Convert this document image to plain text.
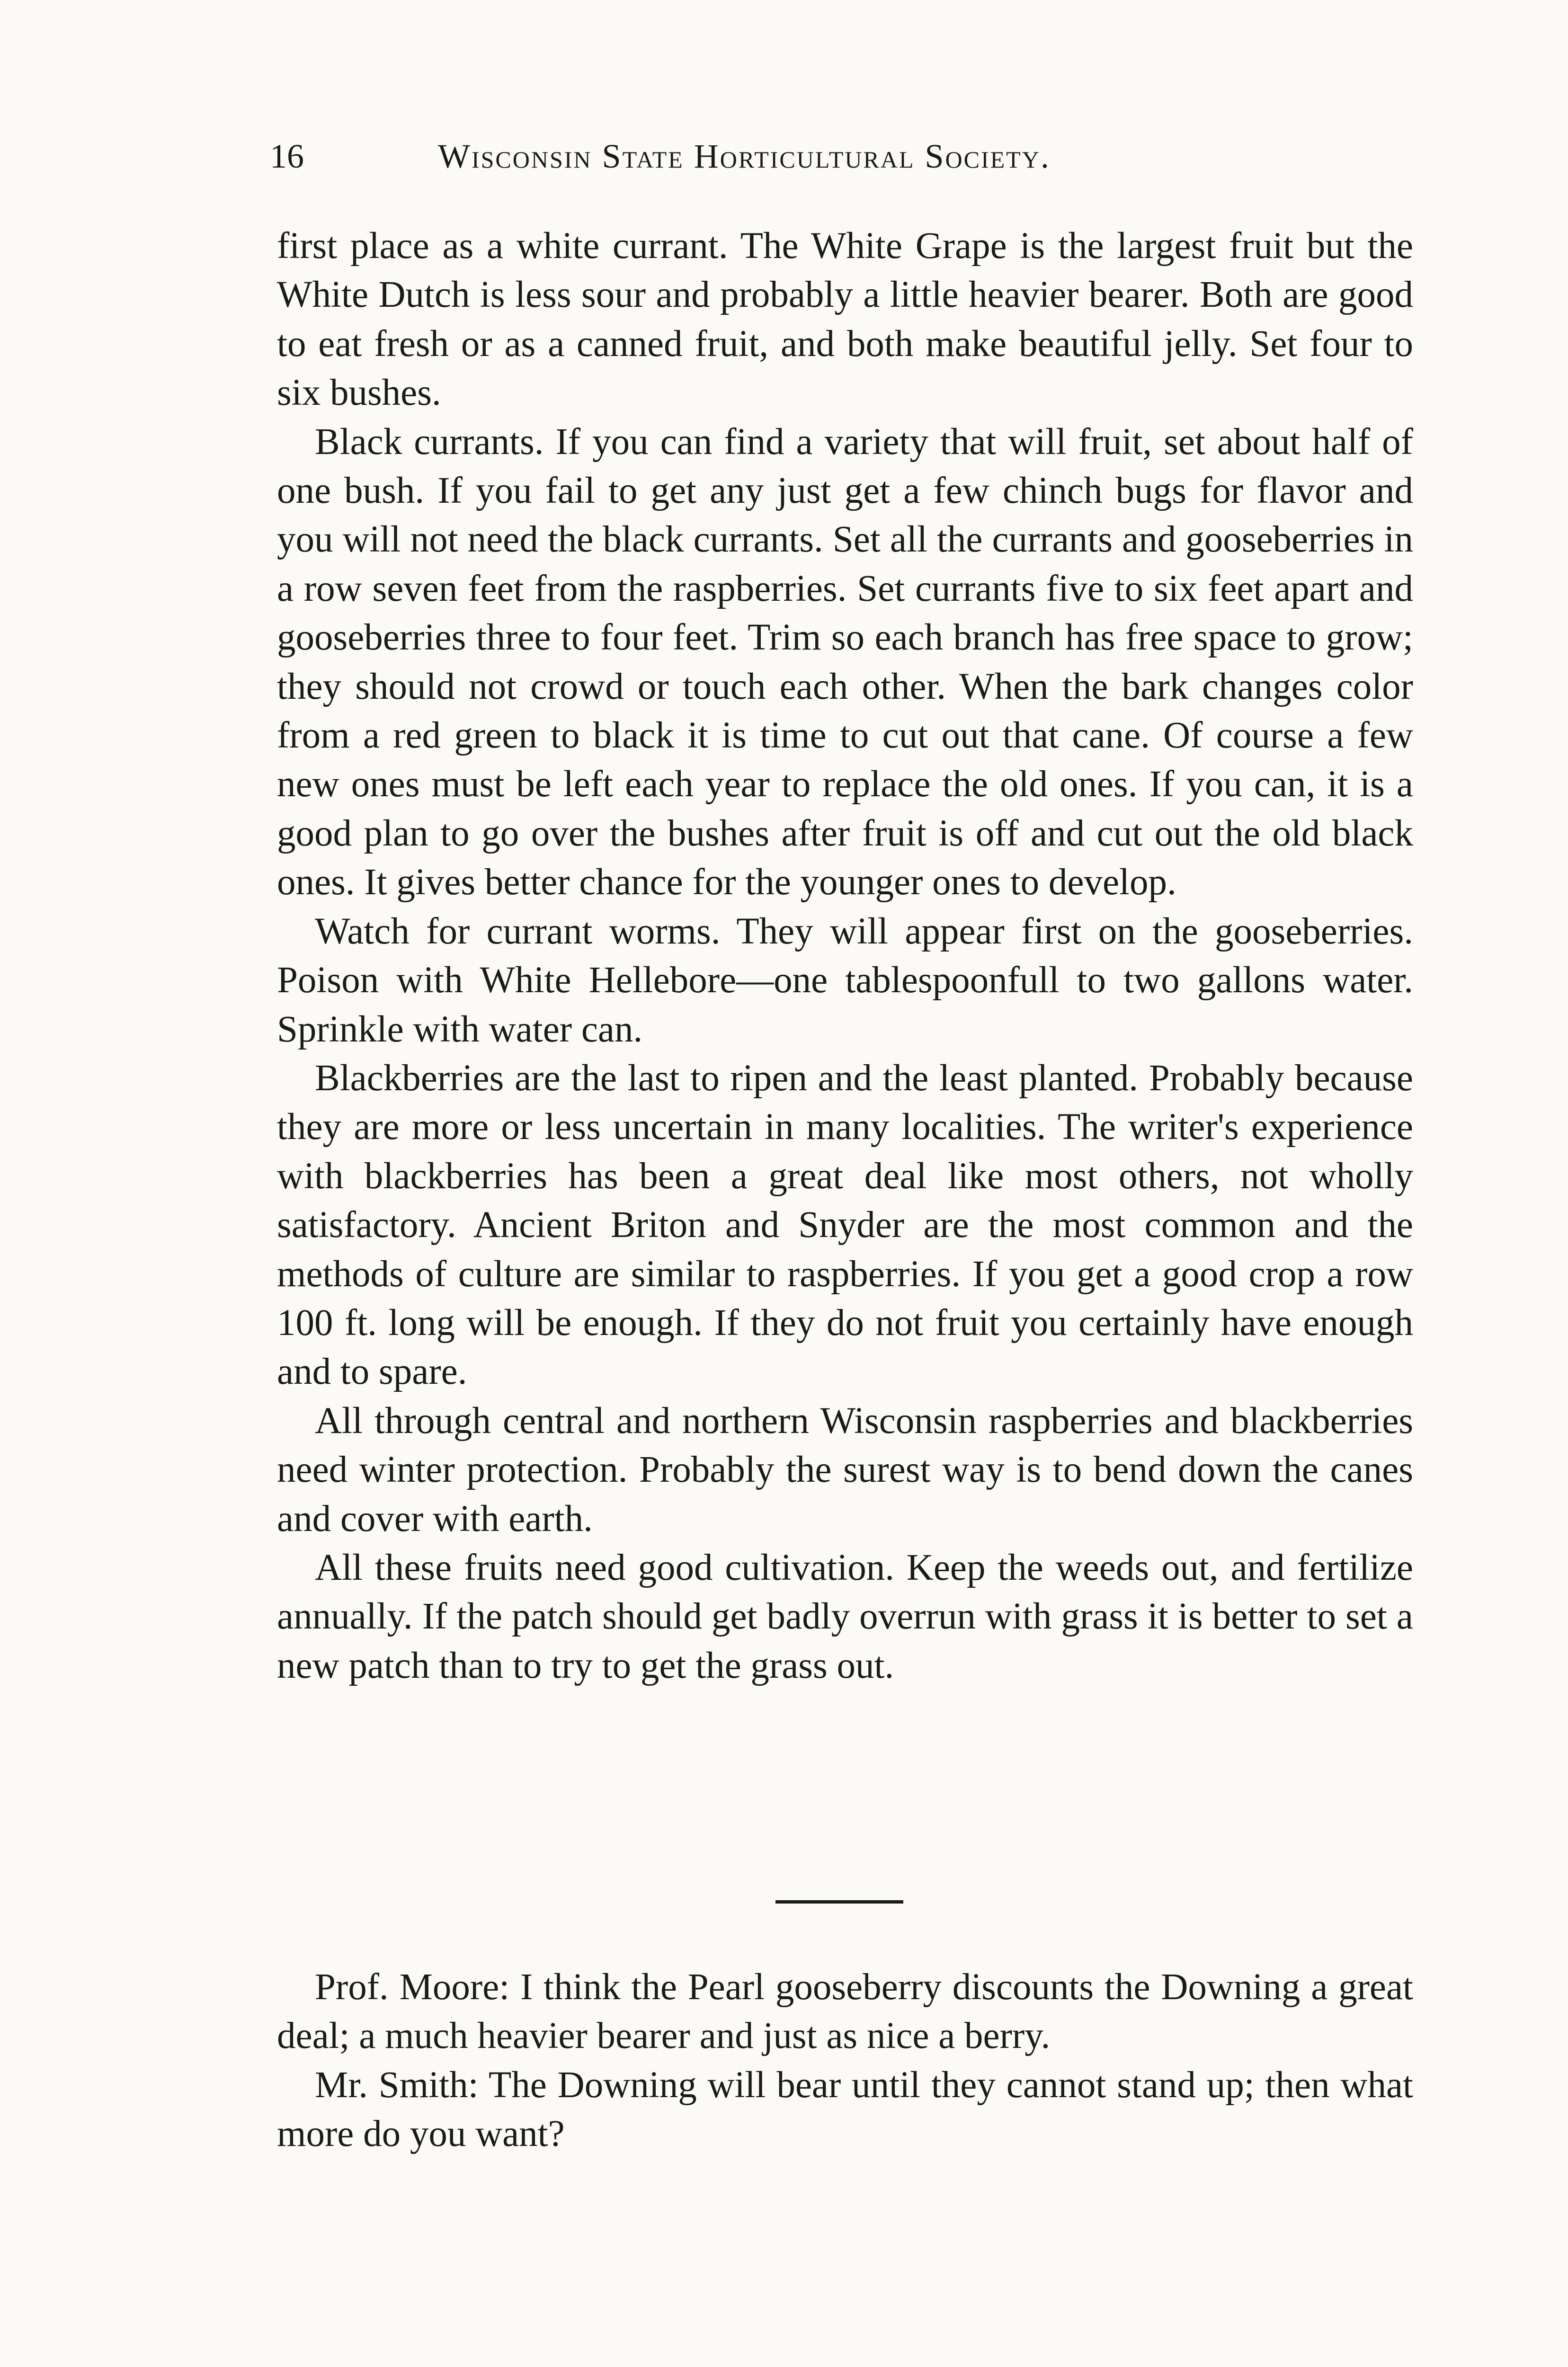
16	Wisconsin State Horticultural Society.

first place as a white currant. The White Grape is the largest fruit but the White Dutch is less sour and probably a little heavier bearer. Both are good to eat fresh or as a canned fruit, and both make beautiful jelly. Set four to six bushes.

Black currants. If you can find a variety that will fruit, set about half of one bush. If you fail to get any just get a few chinch bugs for flavor and you will not need the black currants. Set all the currants and gooseberries in a row seven feet from the raspberries. Set currants five to six feet apart and gooseberries three to four feet. Trim so each branch has free space to grow; they should not crowd or touch each other. When the bark changes color from a red green to black it is time to cut out that cane. Of course a few new ones must be left each year to replace the old ones. If you can, it is a good plan to go over the bushes after fruit is off and cut out the old black ones. It gives better chance for the younger ones to develop.

Watch for currant worms. They will appear first on the gooseberries. Poison with White Hellebore—one tablespoonfull to two gallons water. Sprinkle with water can.

Blackberries are the last to ripen and the least planted. Probably because they are more or less uncertain in many localities. The writer's experience with blackberries has been a great deal like most others, not wholly satisfactory. Ancient Briton and Snyder are the most common and the methods of culture are similar to raspberries. If you get a good crop a row 100 ft. long will be enough. If they do not fruit you certainly have enough and to spare.

All through central and northern Wisconsin raspberries and blackberries need winter protection. Probably the surest way is to bend down the canes and cover with earth.

All these fruits need good cultivation. Keep the weeds out, and fertilize annually. If the patch should get badly overrun with grass it is better to set a new patch than to try to get the grass out.

Prof. Moore: I think the Pearl gooseberry discounts the Downing a great deal; a much heavier bearer and just as nice a berry.

Mr. Smith: The Downing will bear until they cannot stand up; then what more do you want?
